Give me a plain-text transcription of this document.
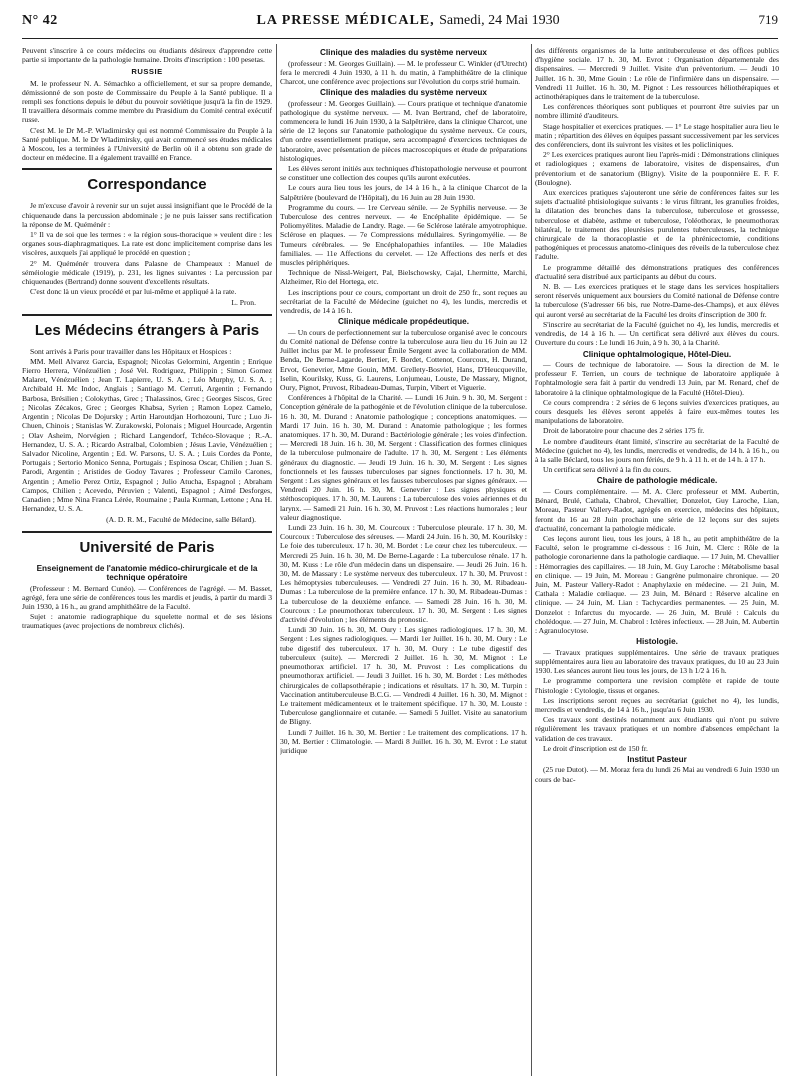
N° 42	LA PRESSE MÉDICALE, Samedi, 24 Mai 1930	719

Peuvent s'inscrire à ce cours médecins ou étudiants désireux d'apprendre cette partie si importante de la pathologie humaine. Droits d'inscription : 100 pesetas.

RUSSIE

M. le professeur N. A. Sémachko a officiellement, et sur sa propre demande, démissionné de son poste de Commissaire du Peuple à la Santé publique. Il a rempli ses fonctions depuis le début du pouvoir soviétique jusqu'à la fin de 1929. Il travaillera désormais comme membre du Præsidium du Comité central exécutif russe.

C'est M. le Dr M.-P. Wladimirsky qui est nommé Commissaire du Peuple à la Santé publique. M. le Dr Wladimirsky, qui avait commencé ses études médicales à Moscou, les a terminées à l'Université de Berlin où il a obtenu son grade de docteur en médecine. Il a également travaillé en France.

Correspondance

Je m'excuse d'avoir à revenir sur un sujet aussi insignifiant que le Procédé de la chiquenaude dans la percussion abdominale ; je ne puis laisser sans rectification la réponse de M. Quéménér :

1° Il va de soi que les termes : « la région sous-thoracique » veulent dire : les organes sous-diaphragmatiques. La rate est donc implicitement comprise dans les viscères, auxquels j'ai appliqué le procédé en question ;

2° M. Quéménér trouvera dans Palasne de Champeaux : Manuel de séméiologie médicale (1919), p. 231, les lignes suivantes : La percussion par chiquenaudes (Bertrand) donne souvent d'excellents résultats.

C'est donc là un vieux procédé et par lui-même et appliqué à la rate.

L. Pron.
Les Médecins étrangers à Paris

Sont arrivés à Paris pour travailler dans les Hôpitaux et Hospices :

MM. Mell Alvarez Garcia, Espagnol; Nicolas Gelormini, Argentin ; Enrique Fierro Herrera, Vénézuélien ; José Vel. Rodriguez, Philippin ; Simon Gomez Malaret, Vénézuélien ; Jean T. Lapierre, U. S. A. ; Léo Murphy, U. S. A. ; Archibald H. Mc Indoc, Anglais ; Santiago M. Cerruti, Argentin ; Fernando Barbosa, Brésilien ; Colokythas, Grec ; Thalassinos, Grec ; Georges Siscos, Grec ; Nicolas Zécakos, Grec ; Georges Khabsa, Syrien ; Ramon Lopez Camelo, Argentin ; Nicolas De Dojursky ; Artin Haroutdjan Horhozouni, Turc ; Luo Ji-Chuen, Chinois ; Stanislas W. Zurakowski, Polonais ; Miguel Hourcade, Argentin ; Olav Asheim, Norvégien ; Richard Langendorf, Tchéco-Slovaque ; R.-A. Hernandez, U. S. A. ; Ricardo Astralbal, Colombien ; Jésus Lavie, Vénézuélien ; Salvador Nicoline, Argentin ; Ed. W. Parsons, U. S. A. ; Luis Cordes da Ponte, Portugais ; Sertorio Monico Senna, Portugais ; Espinosa Oscar, Chilien ; Juan S. Parodi, Argentin ; Aristides de Godoy Tavares ; Professeur Camilo Carones, Argentin ; Amelio Perez Ortiz, Espagnol ; Julio Atucha, Espagnol ; Abraham Campos, Chilien ; Acevedo, Péruvien ; Valenti, Espagnol ; Aimé Desforges, Canadien ; Mme Nina Franca Lérée, Roumaine ; Paula Kurman, Lettone ; Ana H. Hernandez, U. S. A.

(A. D. R. M., Faculté de Médecine, salle Bélard).
Université de Paris
Enseignement de l'anatomie médico-chirurgicale et de la technique opératoire

(Professeur : M. Bernard Cunéo). — Conférences de l'agrégé. — M. Basset, agrégé, fera une série de conférences tous les mardis et jeudis, à partir du mardi 3 Juin 1930, à 16 h., au grand amphithéâtre de la Faculté.

Sujet : anatomie radiographique du squelette normal et de ses lésions traumatiques (avec projections de nombreux clichés).

Clinique des maladies du système nerveux

(professeur : M. Georges Guillain). — M. le professeur C. Winkler (d'Utrecht) fera le mercredi 4 Juin 1930, à 11 h. du matin, à l'amphithéâtre de la clinique Charcot, une conférence avec projections sur l'évolution du corps strié humain.

Clinique des maladies du système nerveux

(professeur : M. Georges Guillain). — Cours pratique et technique d'anatomie pathologique du système nerveux. — M. Ivan Bertrand, chef de laboratoire, commencera le lundi 16 Juin 1930, à la Salpêtrière, dans la clinique Charcot, une série de 12 leçons sur l'anatomie pathologique du système nerveux. Ce cours, d'un ordre essentiellement pratique, sera accompagné d'exercices techniques de laboratoire, avec présentation de pièces macroscopiques et étude de préparations histologiques.

Les élèves seront initiés aux techniques d'histopathologie nerveuse et pourront se constituer une collection des coupes qu'ils auront exécutées.

Le cours aura lieu tous les jours, de 14 à 16 h., à la clinique Charcot de la Salpêtrière (boulevard de l'Hôpital), du 16 Juin au 28 Juin 1930.

Programme du cours. — 1re Cerveau sénile. — 2e Syphilis nerveuse. — 3e Tuberculose des centres nerveux. — 4e Encéphalite épidémique. — 5e Poliomyélites. Maladie de Landry. Rage. — 6e Sclérose latérale amyotrophique. Sclérose en plaques. — 7e Compressions médullaires. Syringomyélie. — 8e Tumeurs cérébrales. — 9e Encéphalopathies infantiles. — 10e Maladies familiales. — 11e Affections du cervelet. — 12e Affections des nerfs et des muscles périphériques.

Technique de Nissl-Weigert, Pal, Bielschowsky, Cajal, Lhermitte, Marchi, Alzheimer, Rio del Hortega, etc.

Les inscriptions pour ce cours, comportant un droit de 250 fr., sont reçues au secrétariat de la Faculté de Médecine (guichet no 4), les lundis, mercredis et vendredis, de 14 à 16 h.

Clinique médicale propédeutique.

— Un cours de perfectionnement sur la tuberculose organisé avec le concours du Comité national de Défense contre la tuberculose aura lieu du 16 Juin au 12 Juillet inclus par M. le professeur Émile Sergent avec la collaboration de MM. Benda, De Berne-Lagarde, Bertier, F. Bordet, Cottenot, Courcoux, H. Durand, Ervot, Genevrier, Mme Gouin, MM. Grellety-Bosviel, Hans, D'Heucqueville, Iselin, Kourilsky, Kuss, G. Laurens, Lonjumeau, Louste, De Massary, Mignot, Oury, Pignot, Pruvost, Ribadeau-Dumas, Turpin, Vibert et Viguerie.

Conférences à l'hôpital de la Charité. — Lundi 16 Juin. 9 h. 30, M. Sergent : Conception générale de la pathogénie et de l'évolution clinique de la tuberculose. 16 h. 30, M. Durand : Anatomie pathologique ; conceptions anatomiques. — Mardi 17 Juin. 16 h. 30, M. Durand : Anatomie pathologique ; les formes anatomiques. 17 h. 30, M. Durand : Bactériologie générale ; les voies d'infection. — Mercredi 18 Juin. 16 h. 30, M. Sergent : Classification des formes cliniques de la tuberculose pulmonaire de l'adulte. 17 h. 30, M. Sergent : Les éléments généraux du diagnostic. — Jeudi 19 Juin. 16 h. 30, M. Sergent : Les signes fonctionnels et les fausses tuberculoses par signes fonctionnels. 17 h. 30, M. Sergent : Les signes généraux et les fausses tuberculoses par signes généraux. — Vendredi 20 Juin. 16 h. 30, M. Genevrier : Les signes physiques et stéthoscopiques. 17 h. 30, M. Laurens : La tuberculose des voies aériennes et du larynx. — Samedi 21 Juin. 16 h. 30, M. Pruvost : Les réactions humorales ; leur valeur diagnostique.

Lundi 23 Juin. 16 h. 30, M. Courcoux : Tuberculose pleurale. 17 h. 30, M. Courcoux : Tuberculose des séreuses. — Mardi 24 Juin. 16 h. 30, M. Kourilsky : Le foie des tuberculeux. 17 h. 30, M. Bordet : Le cœur chez les tuberculeux. — Mercredi 25 Juin. 16 h. 30, M. De Berne-Lagarde : La tuberculose rénale. 17 h. 30, M. Kuss : Le rôle d'un médecin dans un dispensaire. — Jeudi 26 Juin. 16 h. 30, M. de Massary : Le système nerveux des tuberculeux. 17 h. 30, M. Pruvost : Les hémoptysies tuberculeuses. — Vendredi 27 Juin. 16 h. 30, M. Ribadeau-Dumas : La tuberculose de la première enfance. 17 h. 30, M. Ribadeau-Dumas : La tuberculose de la deuxième enfance. — Samedi 28 Juin. 16 h. 30, M. Courcoux : Le pneumothorax tuberculeux. 17 h. 30, M. Sergent : Les signes d'activité d'évolution ; les éléments du pronostic.

Lundi 30 Juin. 16 h. 30, M. Oury : Les signes radiologiques. 17 h. 30, M. Sergent : Les signes radiologiques. — Mardi 1er Juillet. 16 h. 30, M. Oury : Le tube digestif des tuberculeux. 17 h. 30, M. Oury : Le tube digestif des tuberculeux (suite). — Mercredi 2 Juillet. 16 h. 30, M. Mignot : Le pneumothorax artificiel. 17 h. 30, M. Pruvost : Les complications du pneumothorax artificiel. — Jeudi 3 Juillet. 16 h. 30, M. Bordet : Les méthodes chirurgicales de collapsothérapie ; indications et résultats. 17 h. 30, M. Turpin : Vaccination antituberculeuse B.C.G. — Vendredi 4 Juillet. 16 h. 30, M. Mignot : Le traitement médicamenteux et le traitement spécifique. 17 h. 30, M. Louste : Tuberculose ganglionnaire et cutanée. — Samedi 5 Juillet. Visite au sanatorium de Bligny.

Lundi 7 Juillet. 16 h. 30, M. Bertier : Le traitement des complications. 17 h. 30, M. Bertier : Climatologie. — Mardi 8 Juillet. 16 h. 30, M. Evrot : Le statut juridique

des différents organismes de la lutte antituberculeuse et des offices publics d'hygiène sociale. 17 h. 30, M. Evrot : Organisation départementale des dispensaires. — Mercredi 9 Juillet. Visite d'un préventorium. — Jeudi 10 Juillet. 16 h. 30, Mme Gouin : Le rôle de l'infirmière dans un dispensaire. — Vendredi 11 Juillet. 16 h. 30, M. Pignot : Les ressources héliothérapiques et actinothérapiques dans le traitement de la tuberculose.

Les conférences théoriques sont publiques et pourront être suivies par un nombre illimité d'auditeurs.

Stage hospitalier et exercices pratiques. — 1° Le stage hospitalier aura lieu le matin ; répartition des élèves en équipes passant successivement par les services des conférenciers, dont ils suivront les visites et les policliniques.

2° Les exercices pratiques auront lieu l'après-midi : Démonstrations cliniques et radiologiques ; examens de laboratoire, visites de dispensaires, d'un préventorium et de sanatorium (Bligny). Visite de la pouponnière E. F. F. (Boulogne).

Aux exercices pratiques s'ajouteront une série de conférences faites sur les sujets d'actualité phtisiologique suivants : le virus filtrant, les granulies froides, la dilatation des bronches dans la tuberculose, tuberculose et grossesse, tuberculose et diabète, asthme et tuberculose, l'oléothorax, le pneumothorax bilatéral, le traitement des pleurésies purulentes tuberculeuses, la technique chirurgicale de la thoracoplastie et de la phrénicectomie, conditions pathogéniques et processus anatomo-cliniques des réveils de la tuberculose chez l'adulte.

Le programme détaillé des démonstrations pratiques des conférences d'actualité sera distribué aux participants au début du cours.

N. B. — Les exercices pratiques et le stage dans les services hospitaliers seront réservés uniquement aux boursiers du Comité national de Défense contre la tuberculose (S'adresser 66 bis, rue Notre-Dame-des-Champs), et aux élèves qui auront versé au secrétariat de la Faculté les droits d'inscription de 300 fr.

S'inscrire au secrétariat de la Faculté (guichet no 4), les lundis, mercredis et vendredis, de 14 à 16 h. — Un certificat sera délivré aux élèves du cours. Ouverture du cours : Le lundi 16 Juin, à 9 h. 30, à la Charité.

Clinique ophtalmologique, Hôtel-Dieu.

— Cours de technique de laboratoire. — Sous la direction de M. le professeur F. Terrien, un cours de technique de laboratoire appliquée à l'ophtalmologie sera fait à partir du vendredi 13 Juin, par M. Renard, chef de laboratoire à la clinique ophtalmologique de la Faculté (Hôtel-Dieu).

Ce cours comprendra : 2 séries de 6 leçons suivies d'exercices pratiques, au cours desquels les élèves seront appelés à faire eux-mêmes toutes les manipulations de laboratoire.

Droit de laboratoire pour chacune des 2 séries 175 fr.

Le nombre d'auditeurs étant limité, s'inscrire au secrétariat de la Faculté de Médecine (guichet no 4), les lundis, mercredis et vendredis, de 14 h. à 16 h., ou à la salle Béclard, tous les jours non fériés, de 9 h. à 11 h. et de 14 h. à 17 h.

Un certificat sera délivré à la fin du cours.

Chaire de pathologie médicale.

— Cours complémentaire. — M. A. Clerc professeur et MM. Aubertin, Bénard, Brulé, Cathala, Chabrol, Chevallier, Donzelot, Guy Laroche, Lian, Moreau, Pasteur Vallery-Radot, agrégés en exercice, médecins des hôpitaux, feront du 16 au 28 Juin prochain une série de 12 leçons sur des sujets d'actualité, concernant la pathologie médicale.

Ces leçons auront lieu, tous les jours, à 18 h., au petit amphithéâtre de la Faculté, selon le programme ci-dessous : 16 Juin, M. Clerc : Rôle de la pathologie coronarienne dans la pathologie cardiaque. — 17 Juin, M. Chevallier : Hémorragies des capillaires. — 18 Juin, M. Guy Laroche : Métabolisme basal en clinique. — 19 Juin, M. Moreau : Gangrène pulmonaire chronique. — 20 Juin, M. Pasteur Vallery-Radot : Anaphylaxie en médecine. — 21 Juin, M. Cathala : Maladie cœliaque. — 23 Juin, M. Bénard : Réserve alcaline en clinique. — 24 Juin, M. Lian : Tachycardies permanentes. — 25 Juin, M. Donzelot : Infarctus du myocarde. — 26 Juin, M. Brulé : Calculs du cholédoque. — 27 Juin, M. Chabrol : Ictères infectieux. — 28 Juin, M. Aubertin : Agranulocytose.

Histologie.

— Travaux pratiques supplémentaires. Une série de travaux pratiques supplémentaires aura lieu au laboratoire des travaux pratiques, du 10 au 23 Juin 1930. Les séances auront lieu tous les jours, de 13 h 1/2 à 16 h.

Le programme comportera une revision complète et rapide de toute l'histologie : Cytologie, tissus et organes.

Les inscriptions seront reçues au secrétariat (guichet no 4), les lundis, mercredis et vendredis, de 14 à 16 h., jusqu'au 6 Juin 1930.

Ces travaux sont destinés notamment aux étudiants qui n'ont pu suivre régulièrement les travaux pratiques et un nombre d'absences empêchant la validation de ces travaux.

Le droit d'inscription est de 150 fr.

Institut Pasteur

(25 rue Dutot). — M. Moraz fera du lundi 26 Mai au vendredi 6 Juin 1930 un cours de bac-
